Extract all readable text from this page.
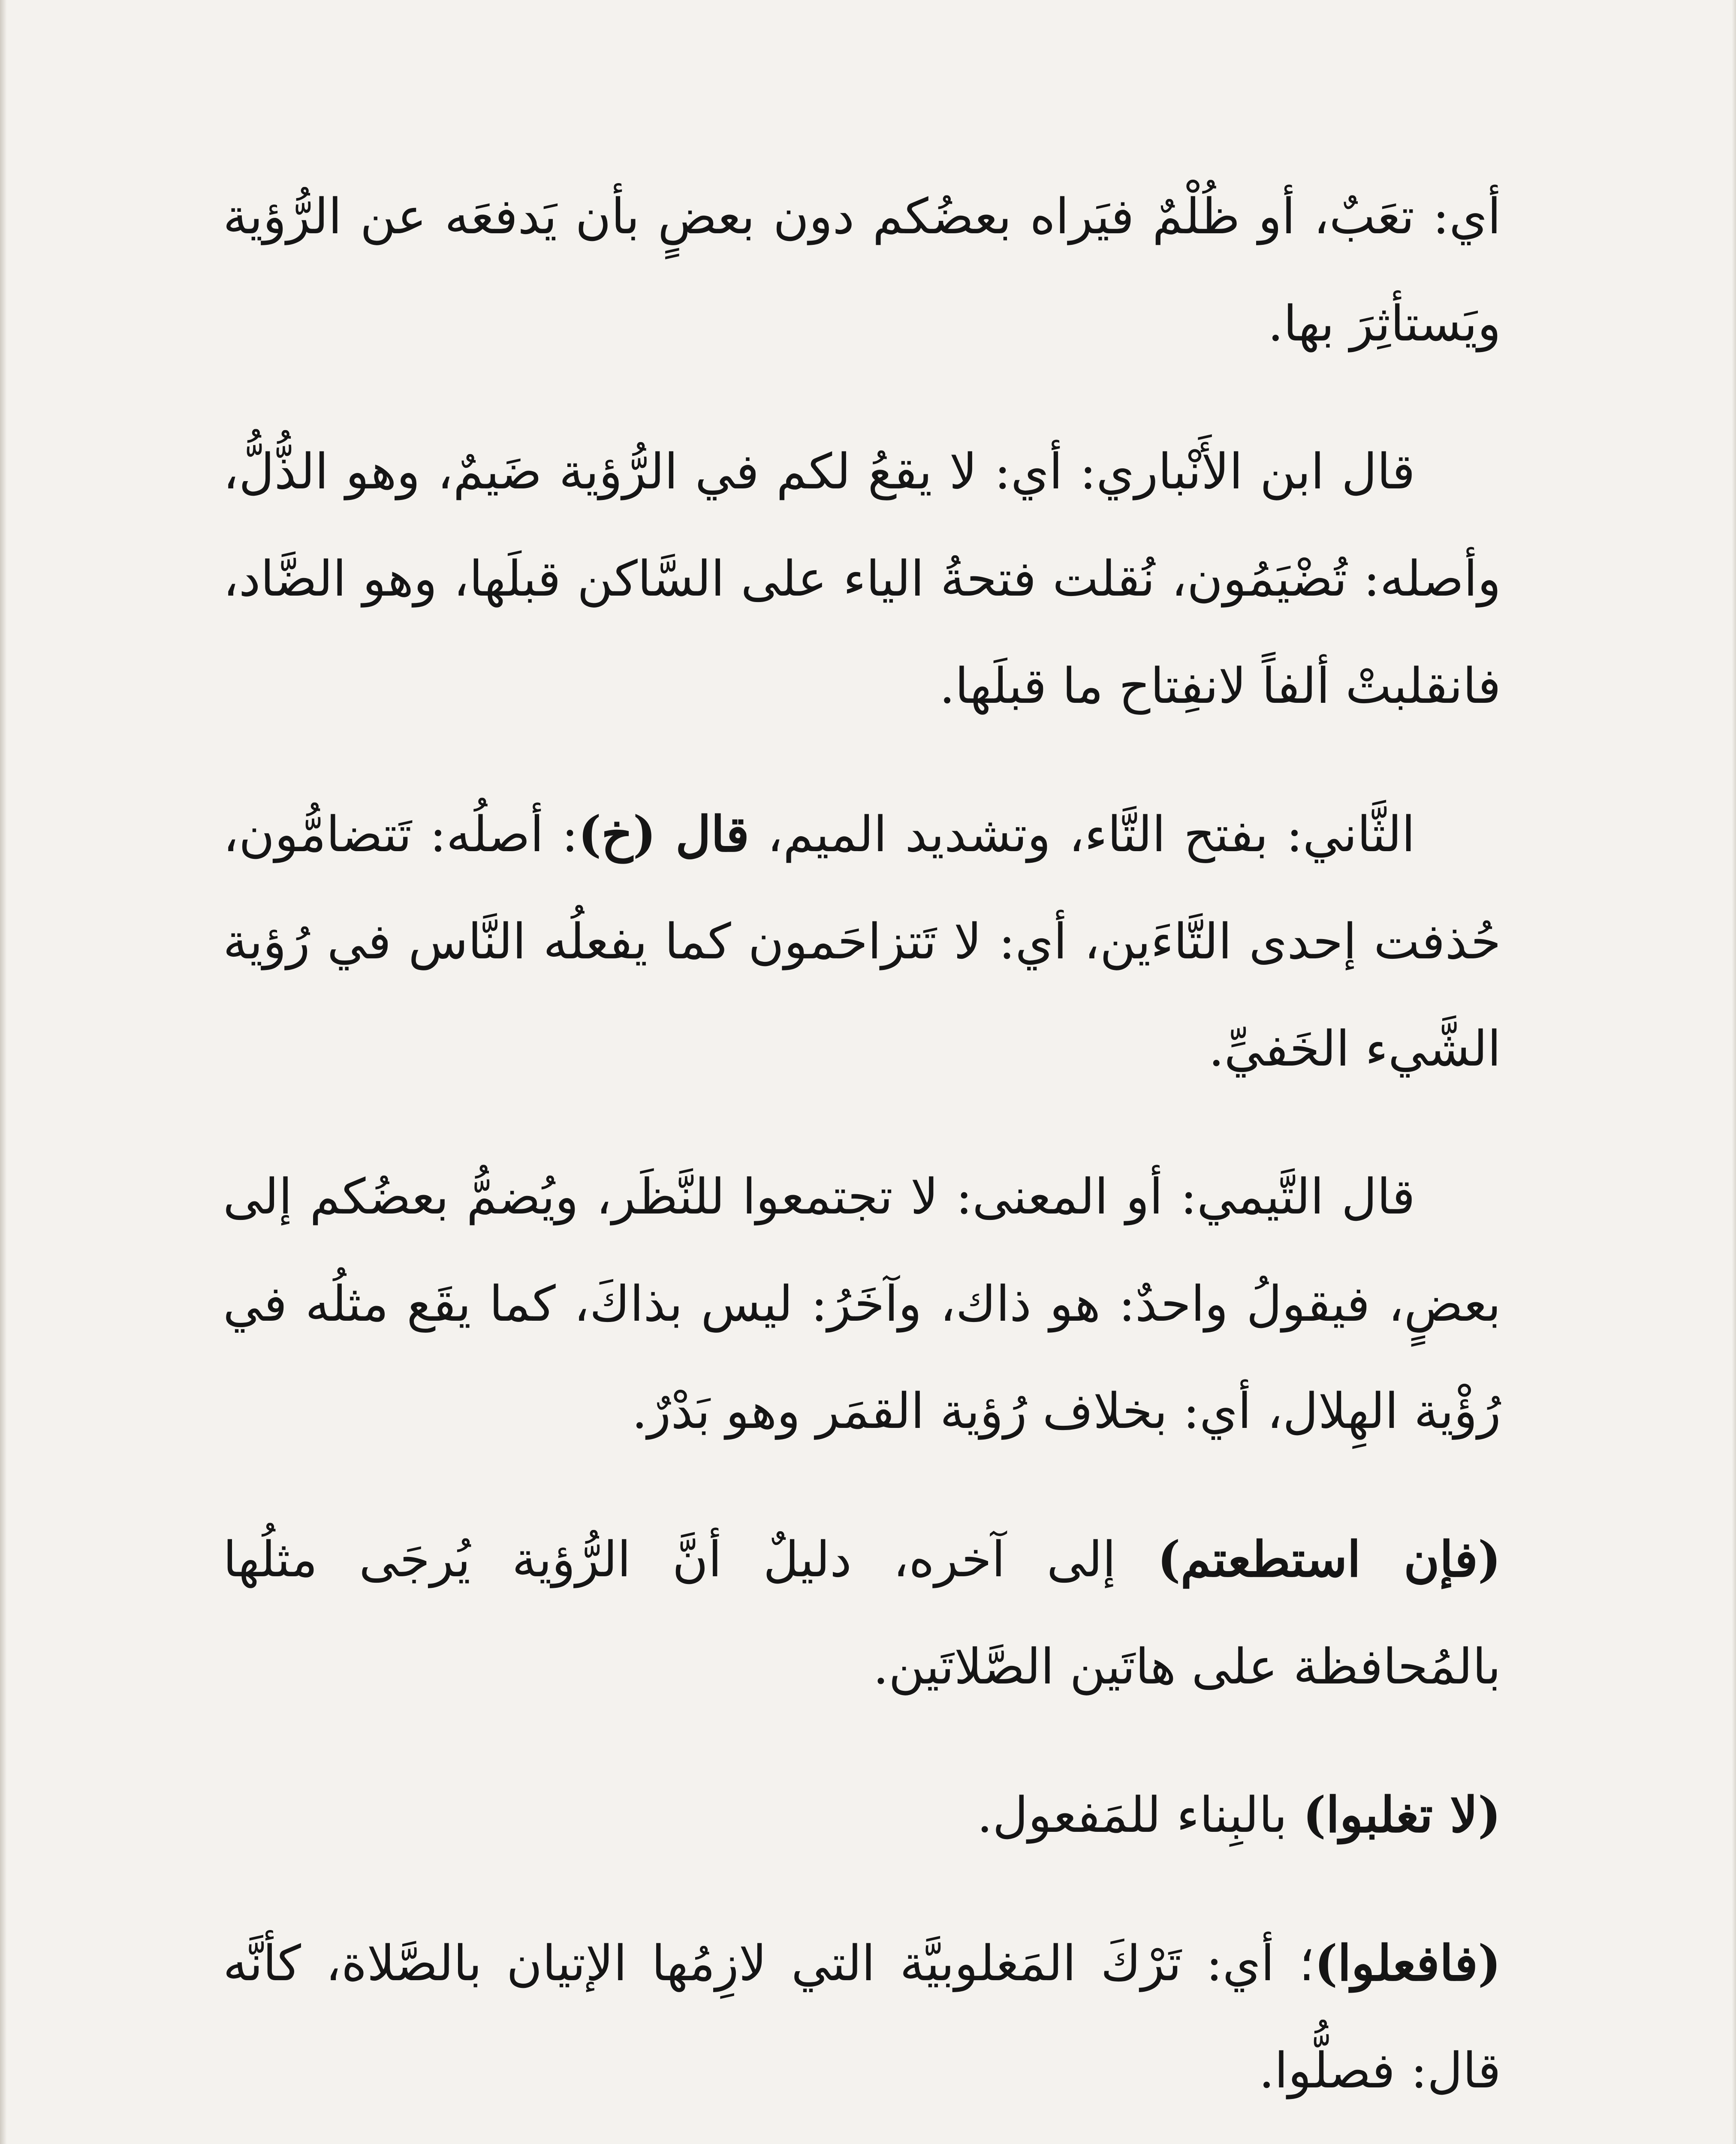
أي: تعَبٌ، أو ظُلْمٌ فيَراه بعضُكم دون بعضٍ بأن يَدفعَه عن الرُّؤية ويَستأثِرَ بها.

قال ابن الأَنْباري: أي: لا يقعُ لكم في الرُّؤية ضَيمٌ، وهو الذُّلُّ، وأصله: تُضْيَمُون، نُقلت فتحةُ الياء على السَّاكن قبلَها، وهو الضَّاد، فانقلبتْ ألفاً لانفِتاح ما قبلَها.

الثَّاني: بفتح التَّاء، وتشديد الميم، قال (خ): أصلُه: تَتضامُّون، حُذفت إحدى التَّاءَين، أي: لا تَتزاحَمون كما يفعلُه النَّاس في رُؤية الشَّيء الخَفيِّ.

قال التَّيمي: أو المعنى: لا تجتمعوا للنَّظَر، ويُضمُّ بعضُكم إلى بعضٍ، فيقولُ واحدٌ: هو ذاك، وآخَرُ: ليس بذاكَ، كما يقَع مثلُه في رُؤْية الهِلال، أي: بخلاف رُؤية القمَر وهو بَدْرٌ.

(فإن استطعتم) إلى آخره، دليلٌ أنَّ الرُّؤية يُرجَى مثلُها بالمُحافظة على هاتَين الصَّلاتَين.

(لا تغلبوا) بالبِناء للمَفعول.

(فافعلوا)؛ أي: تَرْكَ المَغلوبيَّة التي لازِمُها الإتيان بالصَّلاة، كأنَّه قال: فصلُّوا.
